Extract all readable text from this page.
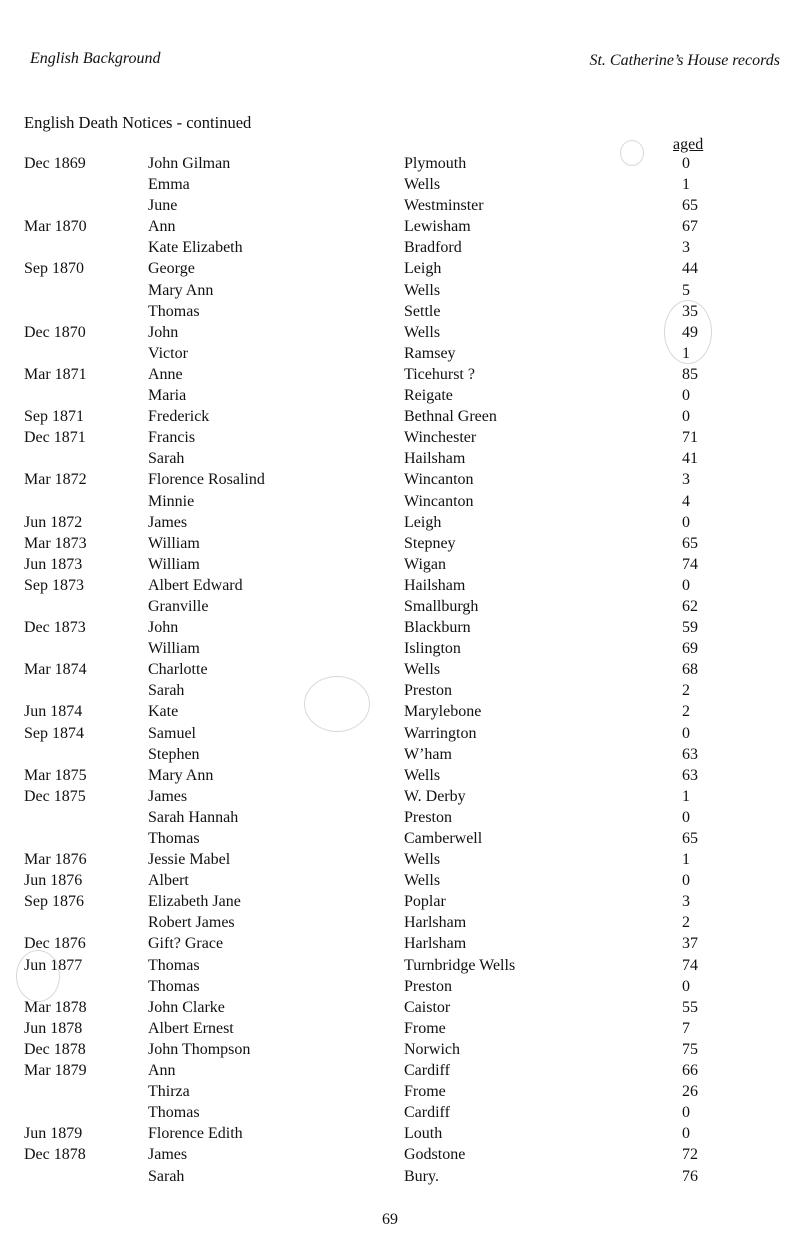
English Background	St. Catherine’s House records
English Death Notices - continued
aged
Dec 1869	John Gilman	Plymouth	0
Emma	Wells	1
June	Westminster	65
Mar 1870	Ann	Lewisham	67
Kate Elizabeth	Bradford	3
Sep 1870	George	Leigh	44
Mary Ann	Wells	5
Thomas	Settle	35
Dec 1870	John	Wells	49
Victor	Ramsey	1
Mar 1871	Anne	Ticehurst ?	85
Maria	Reigate	0
Sep 1871	Frederick	Bethnal Green	0
Dec 1871	Francis	Winchester	71
Sarah	Hailsham	41
Mar 1872	Florence Rosalind	Wincanton	3
Minnie	Wincanton	4
Jun 1872	James	Leigh	0
Mar 1873	William	Stepney	65
Jun 1873	William	Wigan	74
Sep 1873	Albert Edward	Hailsham	0
Granville	Smallburgh	62
Dec 1873	John	Blackburn	59
William	Islington	69
Mar 1874	Charlotte	Wells	68
Sarah	Preston	2
Jun 1874	Kate	Marylebone	2
Sep 1874	Samuel	Warrington	0
Stephen	W’ham	63
Mar 1875	Mary Ann	Wells	63
Dec 1875	James	W. Derby	1
Sarah Hannah	Preston	0
Thomas	Camberwell	65
Mar 1876	Jessie Mabel	Wells	1
Jun 1876	Albert	Wells	0
Sep 1876	Elizabeth Jane	Poplar	3
Robert James	Harlsham	2
Dec 1876	Gift? Grace	Harlsham	37
Jun 1877	Thomas	Turnbridge Wells	74
Thomas	Preston	0
Mar 1878	John Clarke	Caistor	55
Jun 1878	Albert Ernest	Frome	7
Dec 1878	John Thompson	Norwich	75
Mar 1879	Ann	Cardiff	66
Thirza	Frome	26
Thomas	Cardiff	0
Jun 1879	Florence Edith	Louth	0
Dec 1878	James	Godstone	72
Sarah	Bury.	76
69
